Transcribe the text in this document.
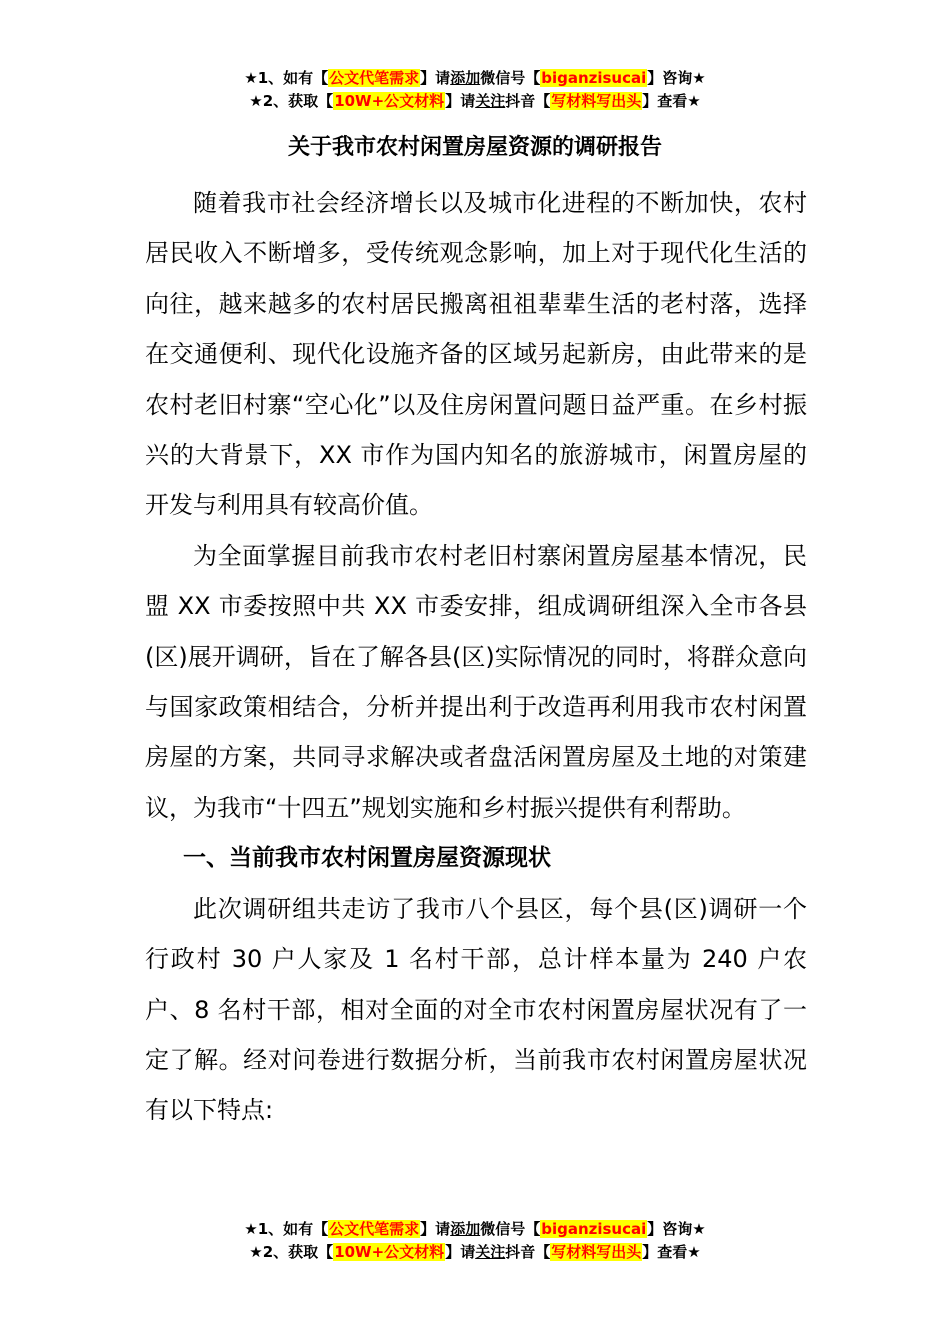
★1、如有【公文代笔需求】请添加微信号【biganzisucai】咨询★
★2、获取【10W+公文材料】请关注抖音【写材料写出头】查看★
关于我市农村闲置房屋资源的调研报告

随着我市社会经济增长以及城市化进程的不断加快，农村居民收入不断增多，受传统观念影响，加上对于现代化生活的向往，越来越多的农村居民搬离祖祖辈辈生活的老村落，选择在交通便利、现代化设施齐备的区域另起新房，由此带来的是农村老旧村寨“空心化”以及住房闲置问题日益严重。在乡村振兴的大背景下，XX 市作为国内知名的旅游城市，闲置房屋的开发与利用具有较高价值。

为全面掌握目前我市农村老旧村寨闲置房屋基本情况，民盟 XX 市委按照中共 XX 市委安排，组成调研组深入全市各县(区)展开调研，旨在了解各县(区)实际情况的同时，将群众意向与国家政策相结合，分析并提出利于改造再利用我市农村闲置房屋的方案，共同寻求解决或者盘活闲置房屋及土地的对策建议，为我市“十四五”规划实施和乡村振兴提供有利帮助。

一、当前我市农村闲置房屋资源现状

此次调研组共走访了我市八个县区，每个县(区)调研一个行政村 30 户人家及 1 名村干部，总计样本量为 240 户农户、8 名村干部，相对全面的对全市农村闲置房屋状况有了一定了解。经对问卷进行数据分析，当前我市农村闲置房屋状况有以下特点:

★1、如有【公文代笔需求】请添加微信号【biganzisucai】咨询★
★2、获取【10W+公文材料】请关注抖音【写材料写出头】查看★
